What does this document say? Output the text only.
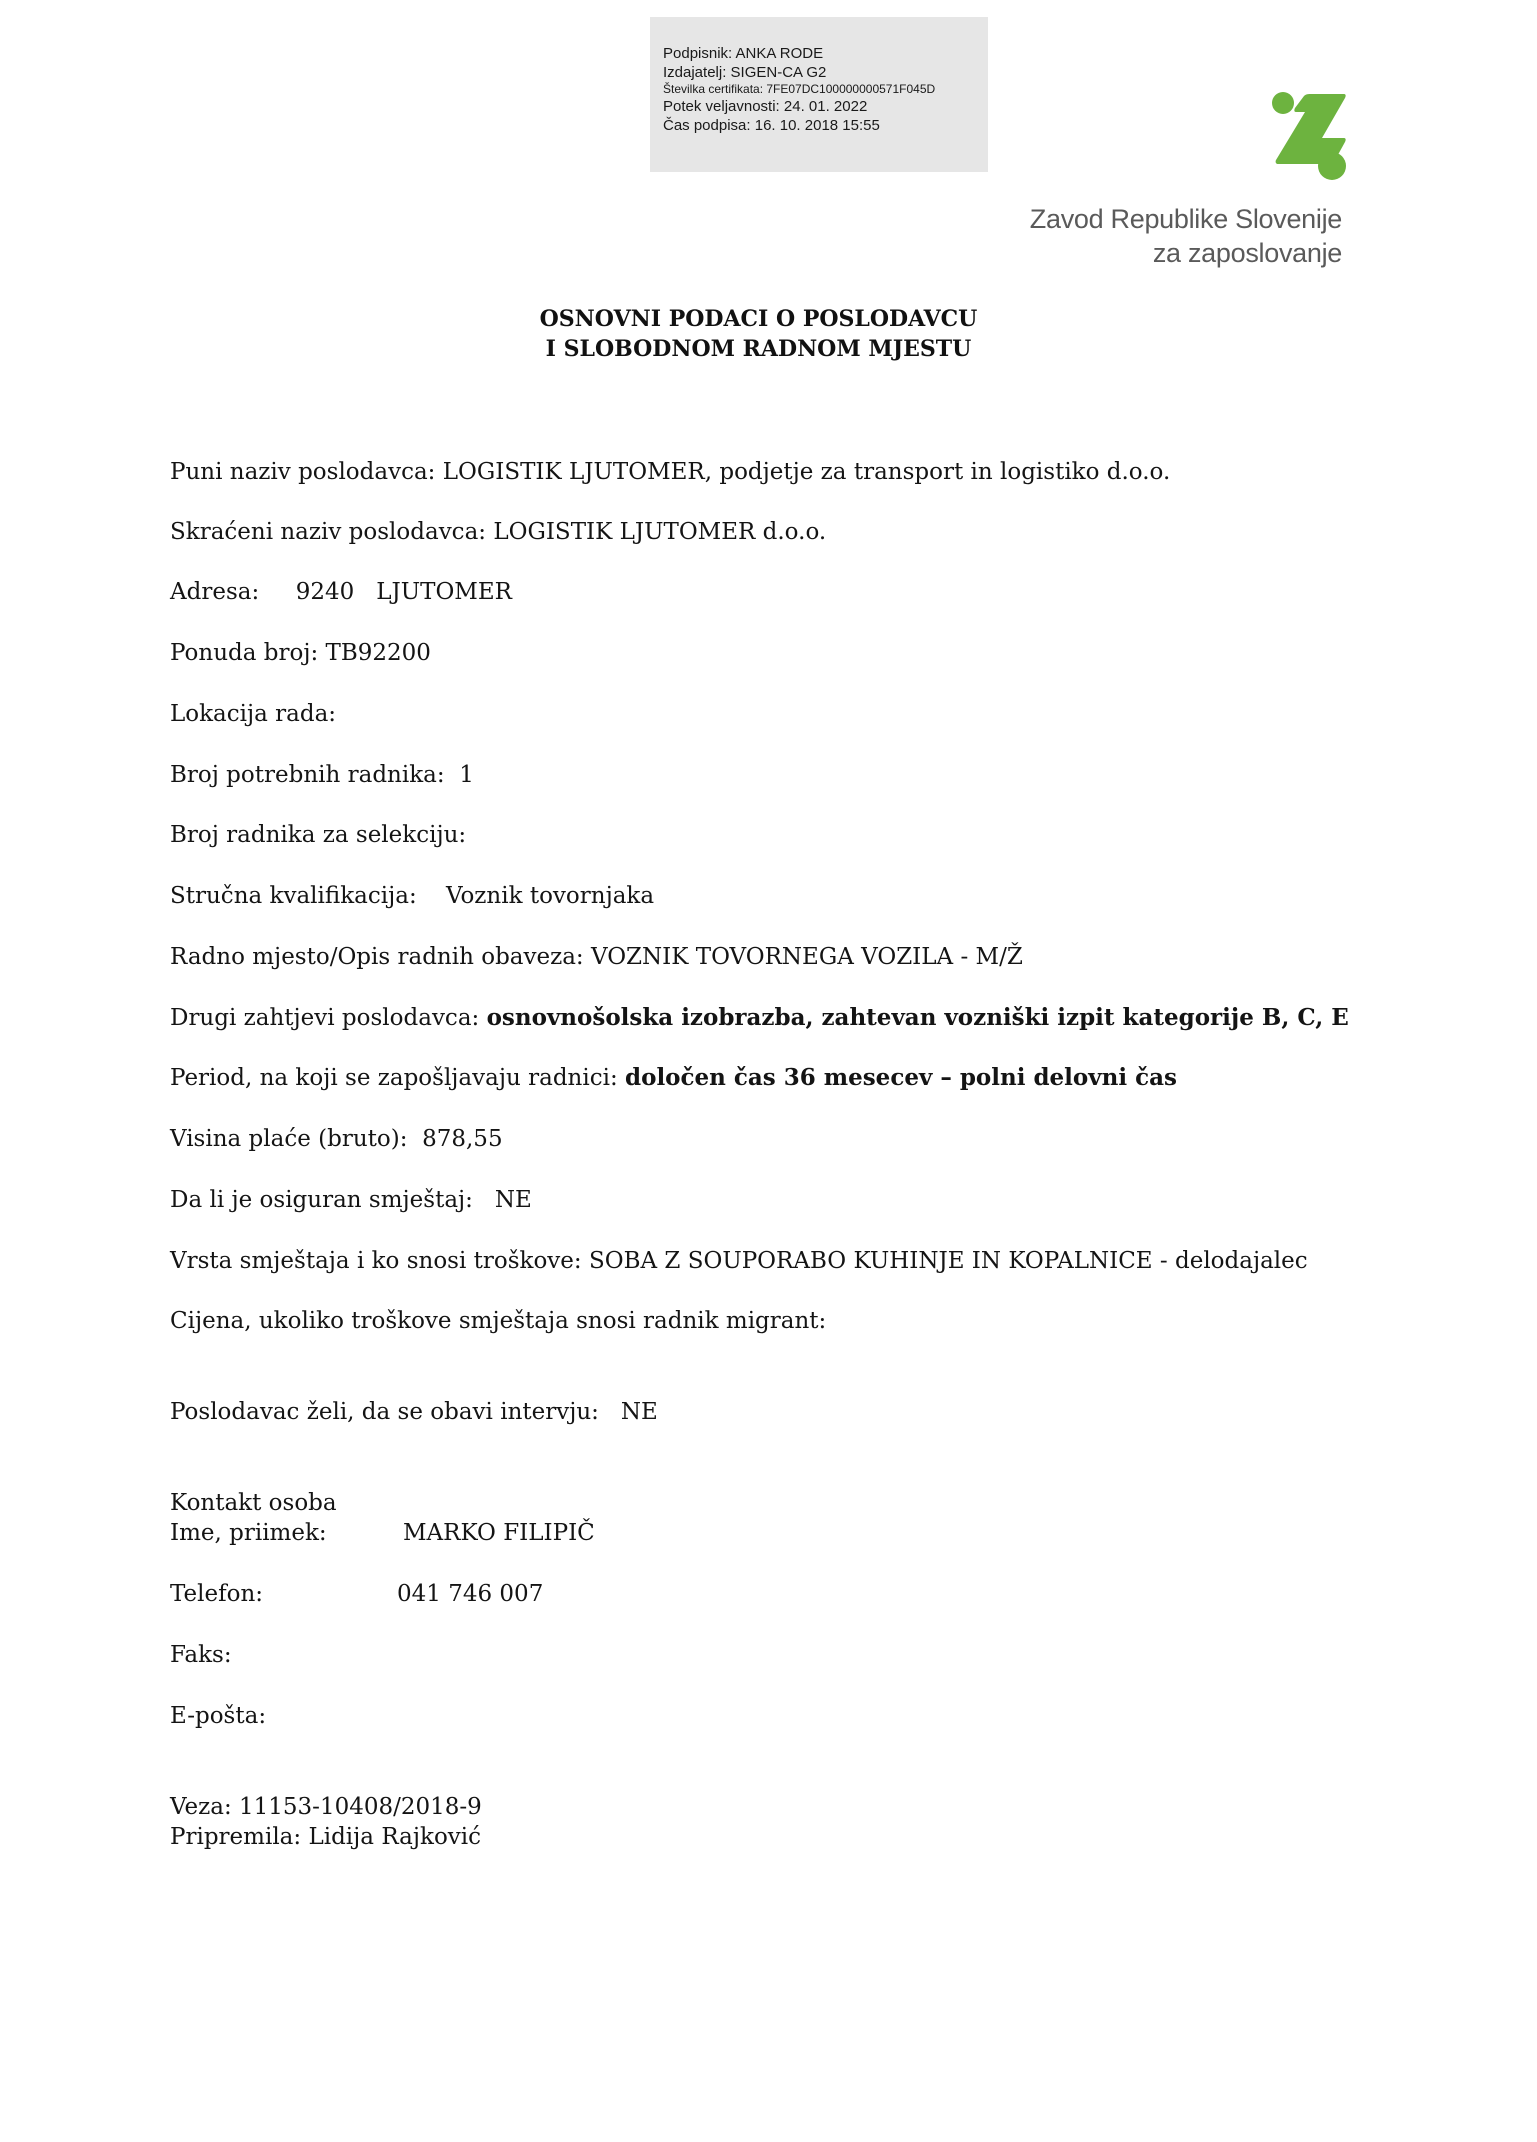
Podpisnik: ANKA RODE
Izdajatelj: SIGEN-CA G2
Številka certifikata: 7FE07DC100000000571F045D
Potek veljavnosti: 24. 01. 2022
Čas podpisa: 16. 10. 2018 15:55
Zavod Republike Slovenije
za zaposlovanje
OSNOVNI PODACI O POSLODAVCU
I SLOBODNOM RADNOM MJESTU
Puni naziv poslodavca: LOGISTIK LJUTOMER, podjetje za transport in logistiko d.o.o.
Skraćeni naziv poslodavca: LOGISTIK LJUTOMER d.o.o.
Adresa:     9240   LJUTOMER
Ponuda broj: TB92200
Lokacija rada:
Broj potrebnih radnika:  1
Broj radnika za selekciju:
Stručna kvalifikacija:    Voznik tovornjaka
Radno mjesto/Opis radnih obaveza: VOZNIK TOVORNEGA VOZILA - M/Ž
Drugi zahtjevi poslodavca: osnovnošolska izobrazba, zahtevan vozniški izpit kategorije B, C, E
Period, na koji se zapošljavaju radnici: določen čas 36 mesecev – polni delovni čas
Visina plaće (bruto):  878,55
Da li je osiguran smještaj:   NE
Vrsta smještaja i ko snosi troškove: SOBA Z SOUPORABO KUHINJE IN KOPALNICE - delodajalec
Cijena, ukoliko troškove smještaja snosi radnik migrant:
Poslodavac želi, da se obavi intervju:   NE
Kontakt osoba
Ime, priimek:	MARKO FILIPIČ
Telefon:	041 746 007
Faks:
E-pošta:
Veza: 11153-10408/2018-9
Pripremila: Lidija Rajković
